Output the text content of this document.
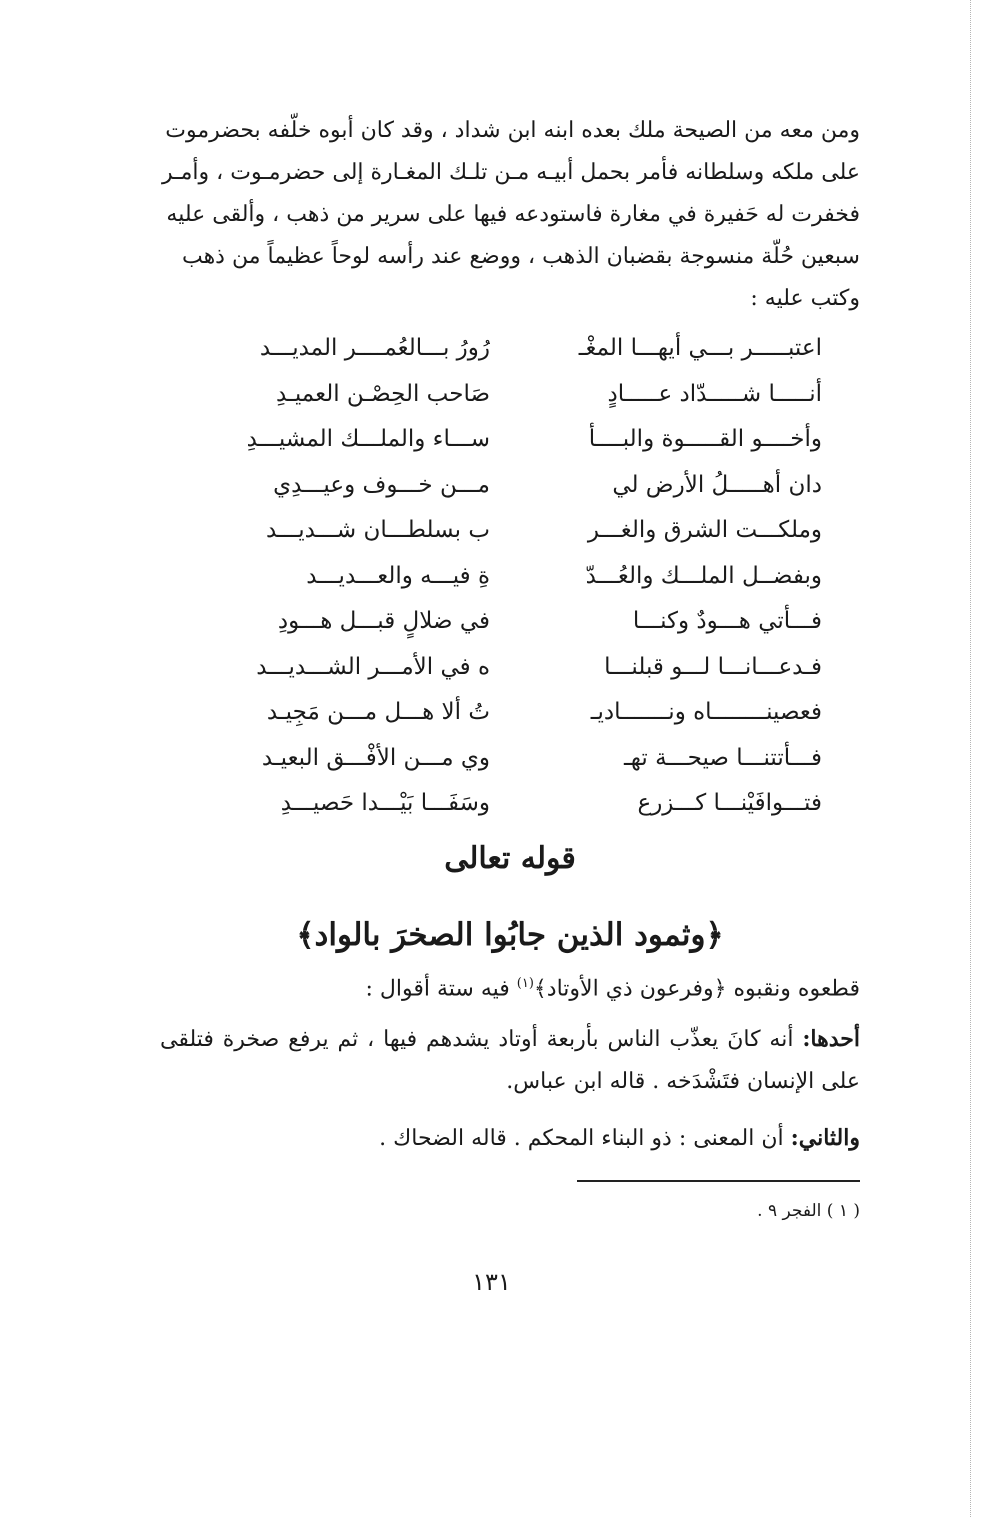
ومن معه من الصيحة ملك بعده ابنه ابن شداد ، وقد كان أبوه خلّفه بحضرموت

على ملكه وسلطانه فأمر بحمل أبيـه مـن تلـك المغـارة إلى حضرمـوت ، وأمـر

فخفرت له حَفيرة في مغارة فاستودعه فيها على سرير من ذهب ، وألقى عليه

سبعين حُلّة منسوجة بقضبان الذهب ، ووضع عند رأسه لوحاً عظيماً من ذهب

وكتب عليه :

اعتبـــــر بـــي أيهـــا المغْـ
رُورُ بـــالعُمــــر المديـــد
أنـــــا شـــــدّاد عـــــادٍ
صَاحب الحِصْـن العميـدِ
وأخــــو القـــــوة والبــــأ
ســـاء والملـــك المشيـــدِ
دان أهـــــلُ الأرض لي
مـــن خـــوف وعيـــدِي
وملكـــت الشرق والغـــر
ب بسلطـــان شـــديـــد
وبفضــل الملـــك والعُـــدّ
ةِ فيـــه والعـــديـــد
فـــأتي هـــودٌ وكنـــا
في ضلالٍ قبـــل هـــودِ
فـدعـــانـــا لـــو قبلنـــا
ه في الأمـــر الشـــديـــد
فعصينــــــــاه ونـــــــاديـ
تُ ألا هـــل مـــن مَجِيـد
فـــأتتنـــا صيحـــة تهـ
وي مـــن الأفْـــق البعيـد
فتـــوافَيْنـــا كـــزرع
وسَفَـــا بَيْـــدا حَصيـــدِ
قوله تعالى
﴿وثمود الذين جابُوا الصخرَ بالواد﴾
قطعوه ونقبوه ﴿وفرعون ذي الأوتاد﴾$^{(١)}$ فيه ستة أقوال :
أحدها: أنه كانَ يعذّب الناس بأربعة أوتاد يشدهم فيها ، ثم يرفع صخرة فتلقى على الإنسان فتَشْدَخه . قاله ابن عباس.
والثاني: أن المعنى : ذو البناء المحكم . قاله الضحاك .
( ١ ) الفجر ٩ .
١٣١
